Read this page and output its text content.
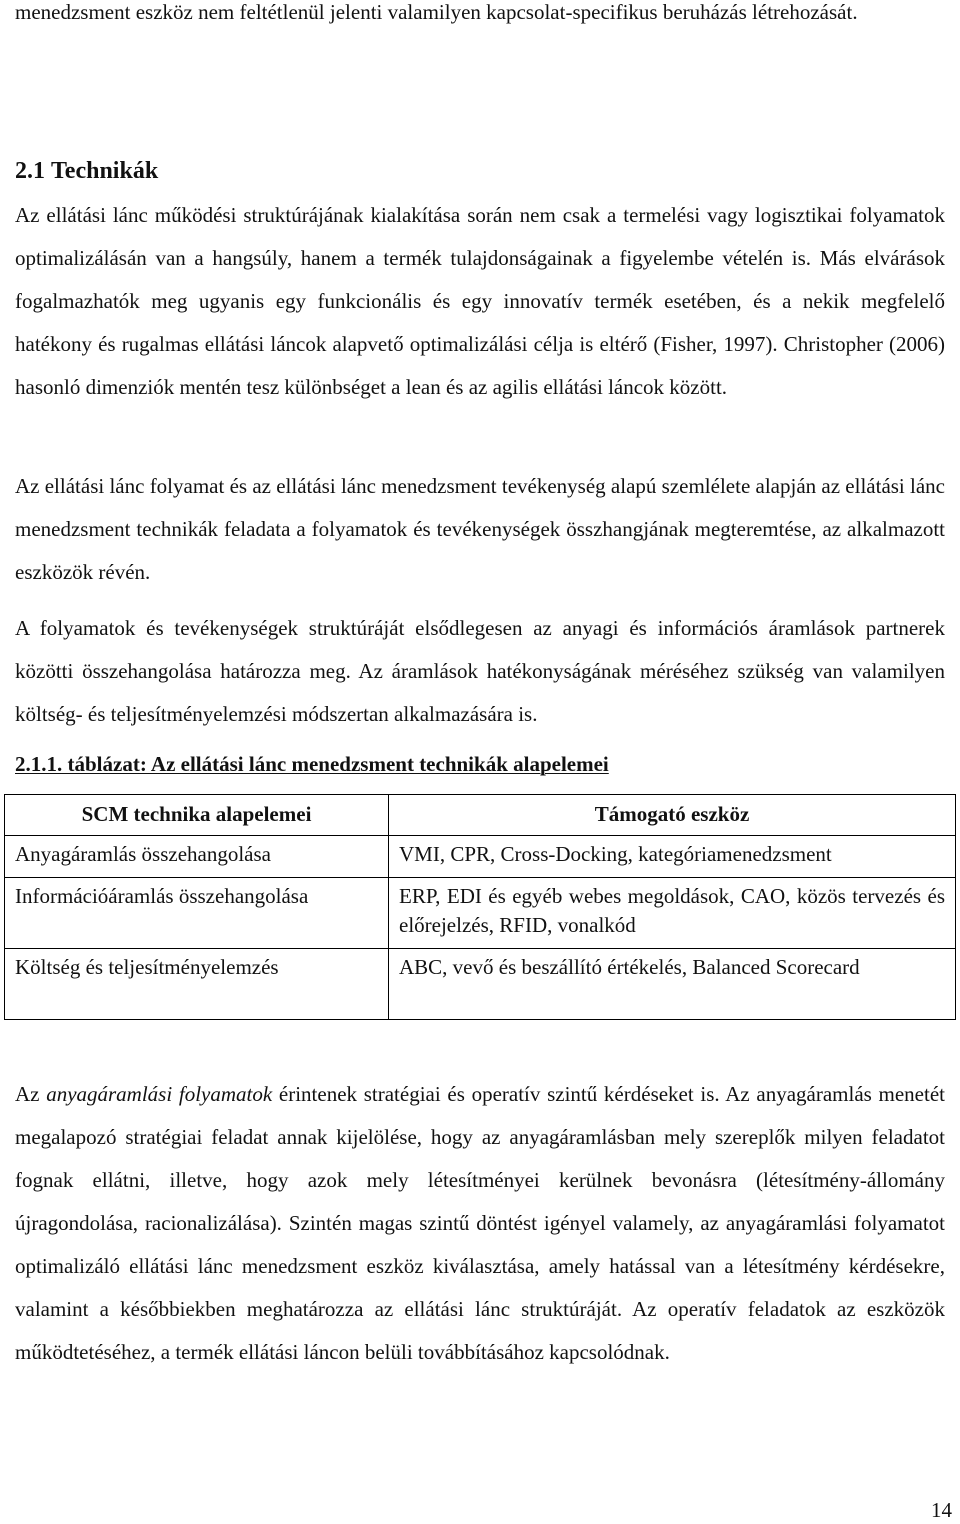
menedzsment eszköz nem feltétlenül jelenti valamilyen kapcsolat-specifikus beruházás létrehozását.

2.1 Technikák

Az ellátási lánc működési struktúrájának kialakítása során nem csak a termelési vagy logisztikai folyamatok optimalizálásán van a hangsúly, hanem a termék tulajdonságainak a figyelembe vételén is. Más elvárások fogalmazhatók meg ugyanis egy funkcionális és egy innovatív termék esetében, és a nekik megfelelő hatékony és rugalmas ellátási láncok alapvető optimalizálási célja is eltérő (Fisher, 1997). Christopher (2006) hasonló dimenziók mentén tesz különbséget a lean és az agilis ellátási láncok között.

Az ellátási lánc folyamat és az ellátási lánc menedzsment tevékenység alapú szemlélete alapján az ellátási lánc menedzsment technikák feladata a folyamatok és tevékenységek összhangjának megteremtése, az alkalmazott eszközök révén.

A folyamatok és tevékenységek struktúráját elsődlegesen az anyagi és információs áramlások partnerek közötti összehangolása határozza meg. Az áramlások hatékonyságának méréséhez szükség van valamilyen költség- és teljesítményelemzési módszertan alkalmazására is.

2.1.1. táblázat: Az ellátási lánc menedzsment technikák alapelemei

SCM technika alapelemei	Támogató eszköz
Anyagáramlás összehangolása	VMI, CPR, Cross-Docking, kategóriamenedzsment
Információáramlás összehangolása	ERP, EDI és egyéb webes megoldások, CAO, közös tervezés és előrejelzés, RFID, vonalkód
Költség és teljesítményelemzés	ABC, vevő és beszállító értékelés, Balanced Scorecard

Az anyagáramlási folyamatok érintenek stratégiai és operatív szintű kérdéseket is. Az anyagáramlás menetét megalapozó stratégiai feladat annak kijelölése, hogy az anyagáramlásban mely szereplők milyen feladatot fognak ellátni, illetve, hogy azok mely létesítményei kerülnek bevonásra (létesítmény-állomány újragondolása, racionalizálása). Szintén magas szintű döntést igényel valamely, az anyagáramlási folyamatot optimalizáló ellátási lánc menedzsment eszköz kiválasztása, amely hatással van a létesítmény kérdésekre, valamint a későbbiekben meghatározza az ellátási lánc struktúráját. Az operatív feladatok az eszközök működtetéséhez, a termék ellátási láncon belüli továbbításához kapcsolódnak.

14
